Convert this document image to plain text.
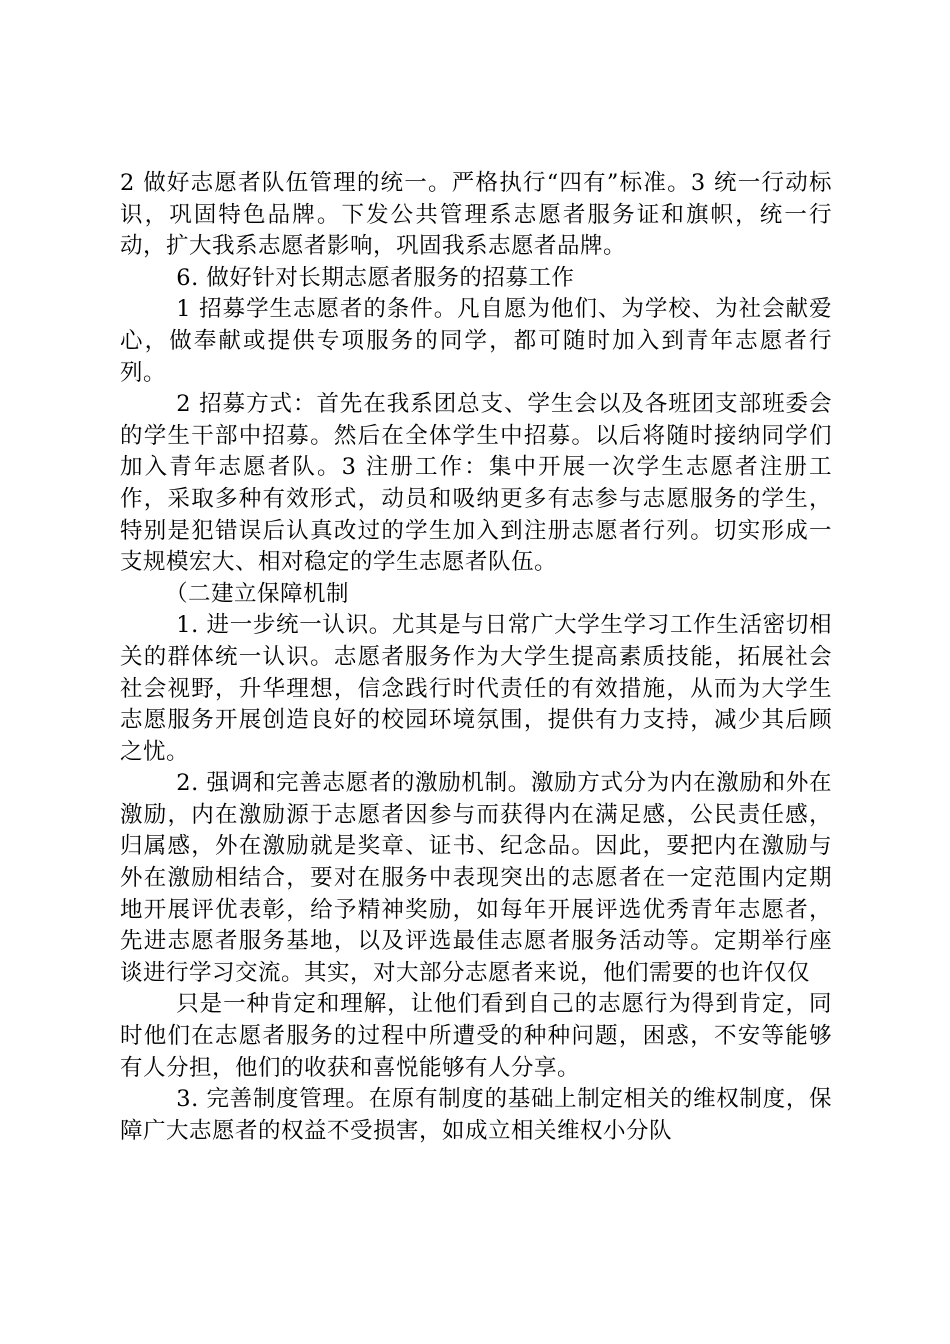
2 做好志愿者队伍管理的统一。严格执行“四有”标准。3 统一行动标识，巩固特色品牌。下发公共管理系志愿者服务证和旗帜，统一行动，扩大我系志愿者影响，巩固我系志愿者品牌。

6. 做好针对长期志愿者服务的招募工作

1 招募学生志愿者的条件。凡自愿为他们、为学校、为社会献爱心，做奉献或提供专项服务的同学，都可随时加入到青年志愿者行列。

2 招募方式：首先在我系团总支、学生会以及各班团支部班委会的学生干部中招募。然后在全体学生中招募。以后将随时接纳同学们加入青年志愿者队。3 注册工作：集中开展一次学生志愿者注册工作，采取多种有效形式，动员和吸纳更多有志参与志愿服务的学生，特别是犯错误后认真改过的学生加入到注册志愿者行列。切实形成一支规模宏大、相对稳定的学生志愿者队伍。

（二建立保障机制

1. 进一步统一认识。尤其是与日常广大学生学习工作生活密切相关的群体统一认识。志愿者服务作为大学生提高素质技能，拓展社会社会视野，升华理想，信念践行时代责任的有效措施，从而为大学生志愿服务开展创造良好的校园环境氛围，提供有力支持，减少其后顾之忧。

2. 强调和完善志愿者的激励机制。激励方式分为内在激励和外在激励，内在激励源于志愿者因参与而获得内在满足感，公民责任感，归属感，外在激励就是奖章、证书、纪念品。因此，要把内在激励与外在激励相结合，要对在服务中表现突出的志愿者在一定范围内定期地开展评优表彰，给予精神奖励，如每年开展评选优秀青年志愿者，先进志愿者服务基地，以及评选最佳志愿者服务活动等。定期举行座谈进行学习交流。其实，对大部分志愿者来说，他们需要的也许仅仅

只是一种肯定和理解，让他们看到自己的志愿行为得到肯定，同时他们在志愿者服务的过程中所遭受的种种问题，困惑，不安等能够有人分担，他们的收获和喜悦能够有人分享。

3. 完善制度管理。在原有制度的基础上制定相关的维权制度，保障广大志愿者的权益不受损害，如成立相关维权小分队
